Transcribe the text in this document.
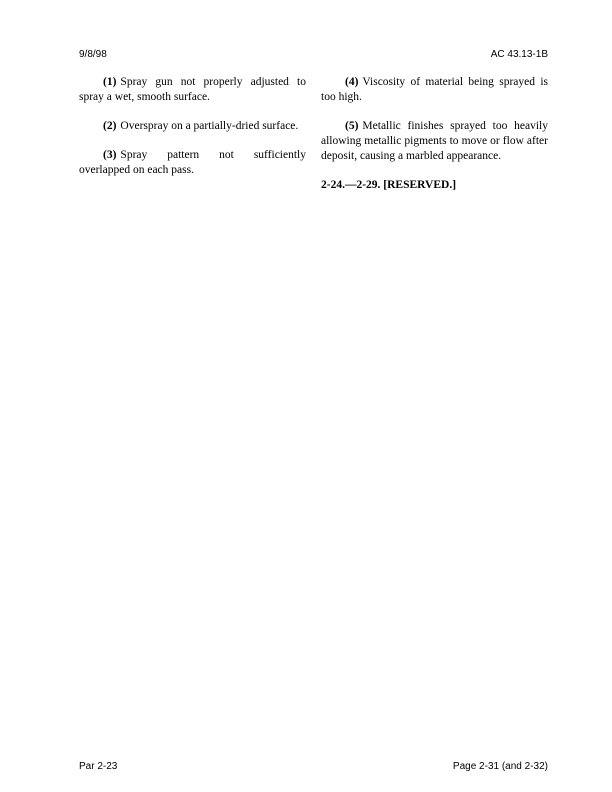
9/8/98	AC 43.13-1B

(1) Spray gun not properly adjusted to spray a wet, smooth surface.

(2) Overspray on a partially-dried surface.

(3) Spray pattern not sufficiently overlapped on each pass.

(4) Viscosity of material being sprayed is too high.

(5) Metallic finishes sprayed too heavily allowing metallic pigments to move or flow after deposit, causing a marbled appearance.

2-24.—2-29. [RESERVED.]

Par 2-23	Page 2-31 (and 2-32)
